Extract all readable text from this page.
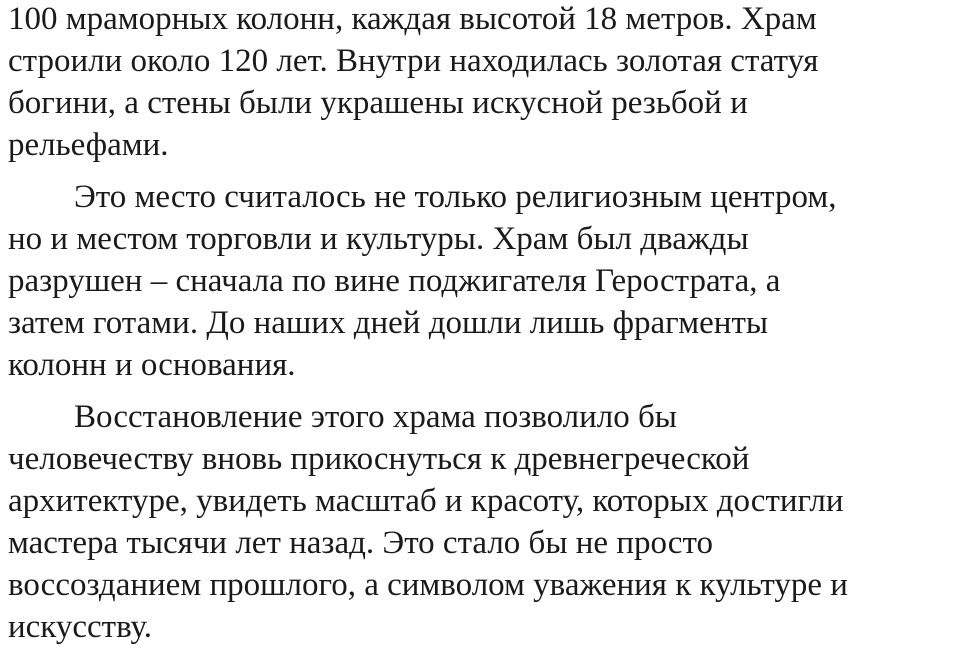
100 мраморных колонн, каждая высотой 18 метров. Храм
строили около 120 лет. Внутри находилась золотая статуя
богини, а стены были украшены искусной резьбой и
рельефами.
Это место считалось не только религиозным центром,
но и местом торговли и культуры. Храм был дважды
разрушен – сначала по вине поджигателя Герострата, а
затем готами. До наших дней дошли лишь фрагменты
колонн и основания.
Восстановление этого храма позволило бы
человечеству вновь прикоснуться к древнегреческой
архитектуре, увидеть масштаб и красоту, которых достигли
мастера тысячи лет назад. Это стало бы не просто
воссозданием прошлого, а символом уважения к культуре и
искусству.
